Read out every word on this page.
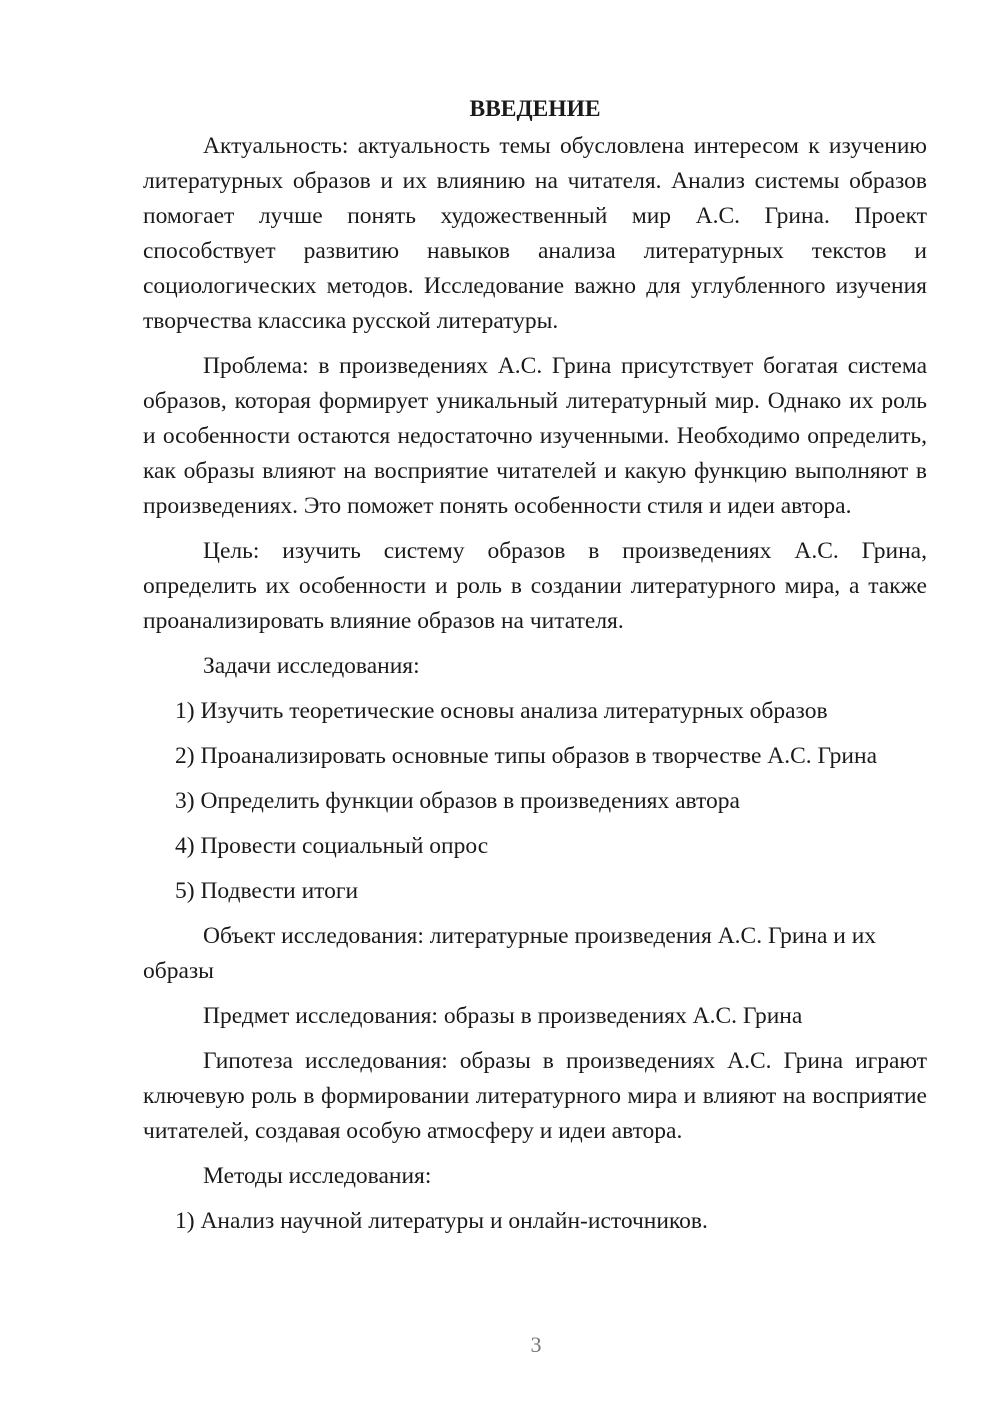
ВВЕДЕНИЕ

Актуальность: актуальность темы обусловлена интересом к изучению литературных образов и их влиянию на читателя. Анализ системы образов помогает лучше понять художественный мир А.С. Грина. Проект способствует развитию навыков анализа литературных текстов и социологических методов. Исследование важно для углубленного изучения творчества классика русской литературы.

Проблема: в произведениях А.С. Грина присутствует богатая система образов, которая формирует уникальный литературный мир. Однако их роль и особенности остаются недостаточно изученными. Необходимо определить, как образы влияют на восприятие читателей и какую функцию выполняют в произведениях. Это поможет понять особенности стиля и идеи автора.

Цель: изучить систему образов в произведениях А.С. Грина, определить их особенности и роль в создании литературного мира, а также проанализировать влияние образов на читателя.

Задачи исследования:

1) Изучить теоретические основы анализа литературных образов
2) Проанализировать основные типы образов в творчестве А.С. Грина
3) Определить функции образов в произведениях автора
4) Провести социальный опрос
5) Подвести итоги

Объект исследования: литературные произведения А.С. Грина и их образы

Предмет исследования: образы в произведениях А.С. Грина

Гипотеза исследования: образы в произведениях А.С. Грина играют ключевую роль в формировании литературного мира и влияют на восприятие читателей, создавая особую атмосферу и идеи автора.

Методы исследования:

1) Анализ научной литературы и онлайн-источников.
3
